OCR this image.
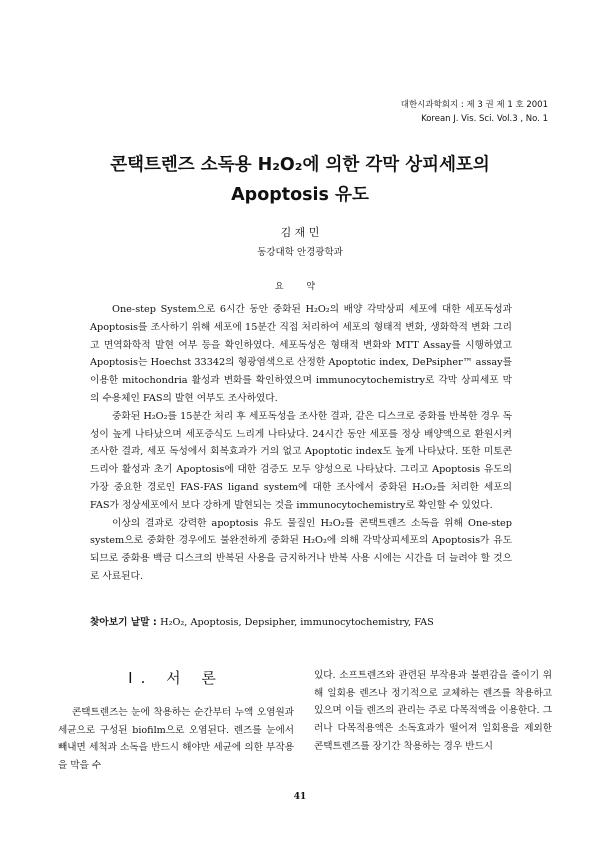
대한시과학회지 : 제 3 권 제 1 호 2001
Korean J. Vis. Sci. Vol.3 , No. 1
콘택트렌즈 소독용 H₂O₂에 의한 각막 상피세포의
Apoptosis 유도
김 재 민
동강대학 안경광학과
요 약

One-step System으로 6시간 동안 중화된 H₂O₂의 배양 각막상피 세포에 대한 세포독성과 Apoptosis를 조사하기 위해 세포에 15분간 직접 처리하여 세포의 형태적 변화, 생화학적 변화 그리고 면역화학적 발현 여부 등을 확인하였다. 세포독성은 형태적 변화와 MTT Assay를 시행하였고 Apoptosis는 Hoechst 33342의 형광염색으로 산정한 Apoptotic index, DePsipher™ assay를 이용한 mitochondria 활성과 변화를 확인하였으며 immunocytochemistry로 각막 상피세포 막의 수용체인 FAS의 발현 여부도 조사하였다.

중화된 H₂O₂를 15분간 처리 후 세포독성을 조사한 결과, 같은 디스크로 중화를 반복한 경우 독성이 높게 나타났으며 세포증식도 느리게 나타났다. 24시간 동안 세포를 정상 배양액으로 환원시켜 조사한 결과, 세포 독성에서 회복효과가 거의 없고 Apoptotic index도 높게 나타났다. 또한 미토콘드리아 활성과 초기 Apoptosis에 대한 검증도 모두 양성으로 나타났다. 그리고 Apoptosis 유도의 가장 중요한 경로인 FAS-FAS ligand system에 대한 조사에서 중화된 H₂O₂를 처리한 세포의 FAS가 정상세포에서 보다 강하게 발현되는 것을 immunocytochemistry로 확인할 수 있었다.

이상의 결과로 강력한 apoptosis 유도 물질인 H₂O₂를 콘택트렌즈 소독을 위해 One-step system으로 중화한 경우에도 불완전하게 중화된 H₂O₂에 의해 각막상피세포의 Apoptosis가 유도되므로 중화용 백금 디스크의 반복된 사용을 금지하거나 반복 사용 시에는 시간을 더 늘려야 할 것으로 사료된다.

찾아보기 낱말 : H₂O₂, Apoptosis, Depsipher, immunocytochemistry, FAS
I. 서 론

콘택트렌즈는 눈에 착용하는 순간부터 누액 오염원과 세균으로 구성된 biofilm으로 오염된다. 렌즈를 눈에서 빼내면 세척과 소독을 반드시 해야만 세균에 의한 부작용을 막을 수

있다. 소프트렌즈와 관련된 부작용과 불편감을 줄이기 위해 일회용 렌즈나 정기적으로 교체하는 렌즈를 착용하고 있으며 이들 렌즈의 관리는 주로 다목적액을 이용한다. 그러나 다목적용액은 소독효과가 떨어져 일회용을 제외한 콘택트렌즈를 장기간 착용하는 경우 반드시

41
